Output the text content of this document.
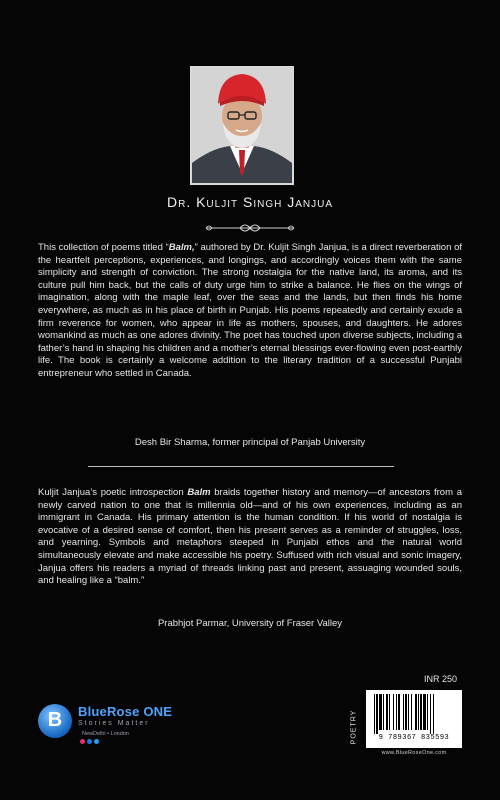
Dr. Kuljit Singh Janjua

This collection of poems titled “Balm,” authored by Dr. Kuljit Singh Janjua, is a direct reverberation of the heartfelt perceptions, experiences, and longings, and accordingly voices them with the same simplicity and strength of conviction. The strong nostalgia for the native land, its aroma, and its culture pull him back, but the calls of duty urge him to strike a balance. He flies on the wings of imagination, along with the maple leaf, over the seas and the lands, but then finds his home everywhere, as much as in his place of birth in Punjab. His poems repeatedly and certainly exude a firm reverence for women, who appear in life as mothers, spouses, and daughters. He adores womankind as much as one adores divinity. The poet has touched upon diverse subjects, including a father’s hand in shaping his children and a mother’s eternal blessings ever-flowing even post-earthly life. The book is certainly a welcome addition to the literary tradition of a successful Punjabi entrepreneur who settled in Canada.

Desh Bir Sharma, former principal of Panjab University

Kuljit Janjua’s poetic introspection Balm braids together history and memory—of ancestors from a newly carved nation to one that is millennia old—and of his own experiences, including as an immigrant in Canada. His primary attention is the human condition. If his world of nostalgia is evocative of a desired sense of comfort, then his present serves as a reminder of struggles, loss, and yearning. Symbols and metaphors steeped in Punjabi ethos and the natural world simultaneously elevate and make accessible his poetry. Suffused with rich visual and sonic imagery, Janjua offers his readers a myriad of threads linking past and present, assuaging wounded souls, and healing like a “balm.”

Prabhjot Parmar, University of Fraser Valley
B	BlueRose ONE
Stories Matter
NewDelhi • London
INR 250
POETRY	9 789367 835593
www.BlueRoseOne.com
